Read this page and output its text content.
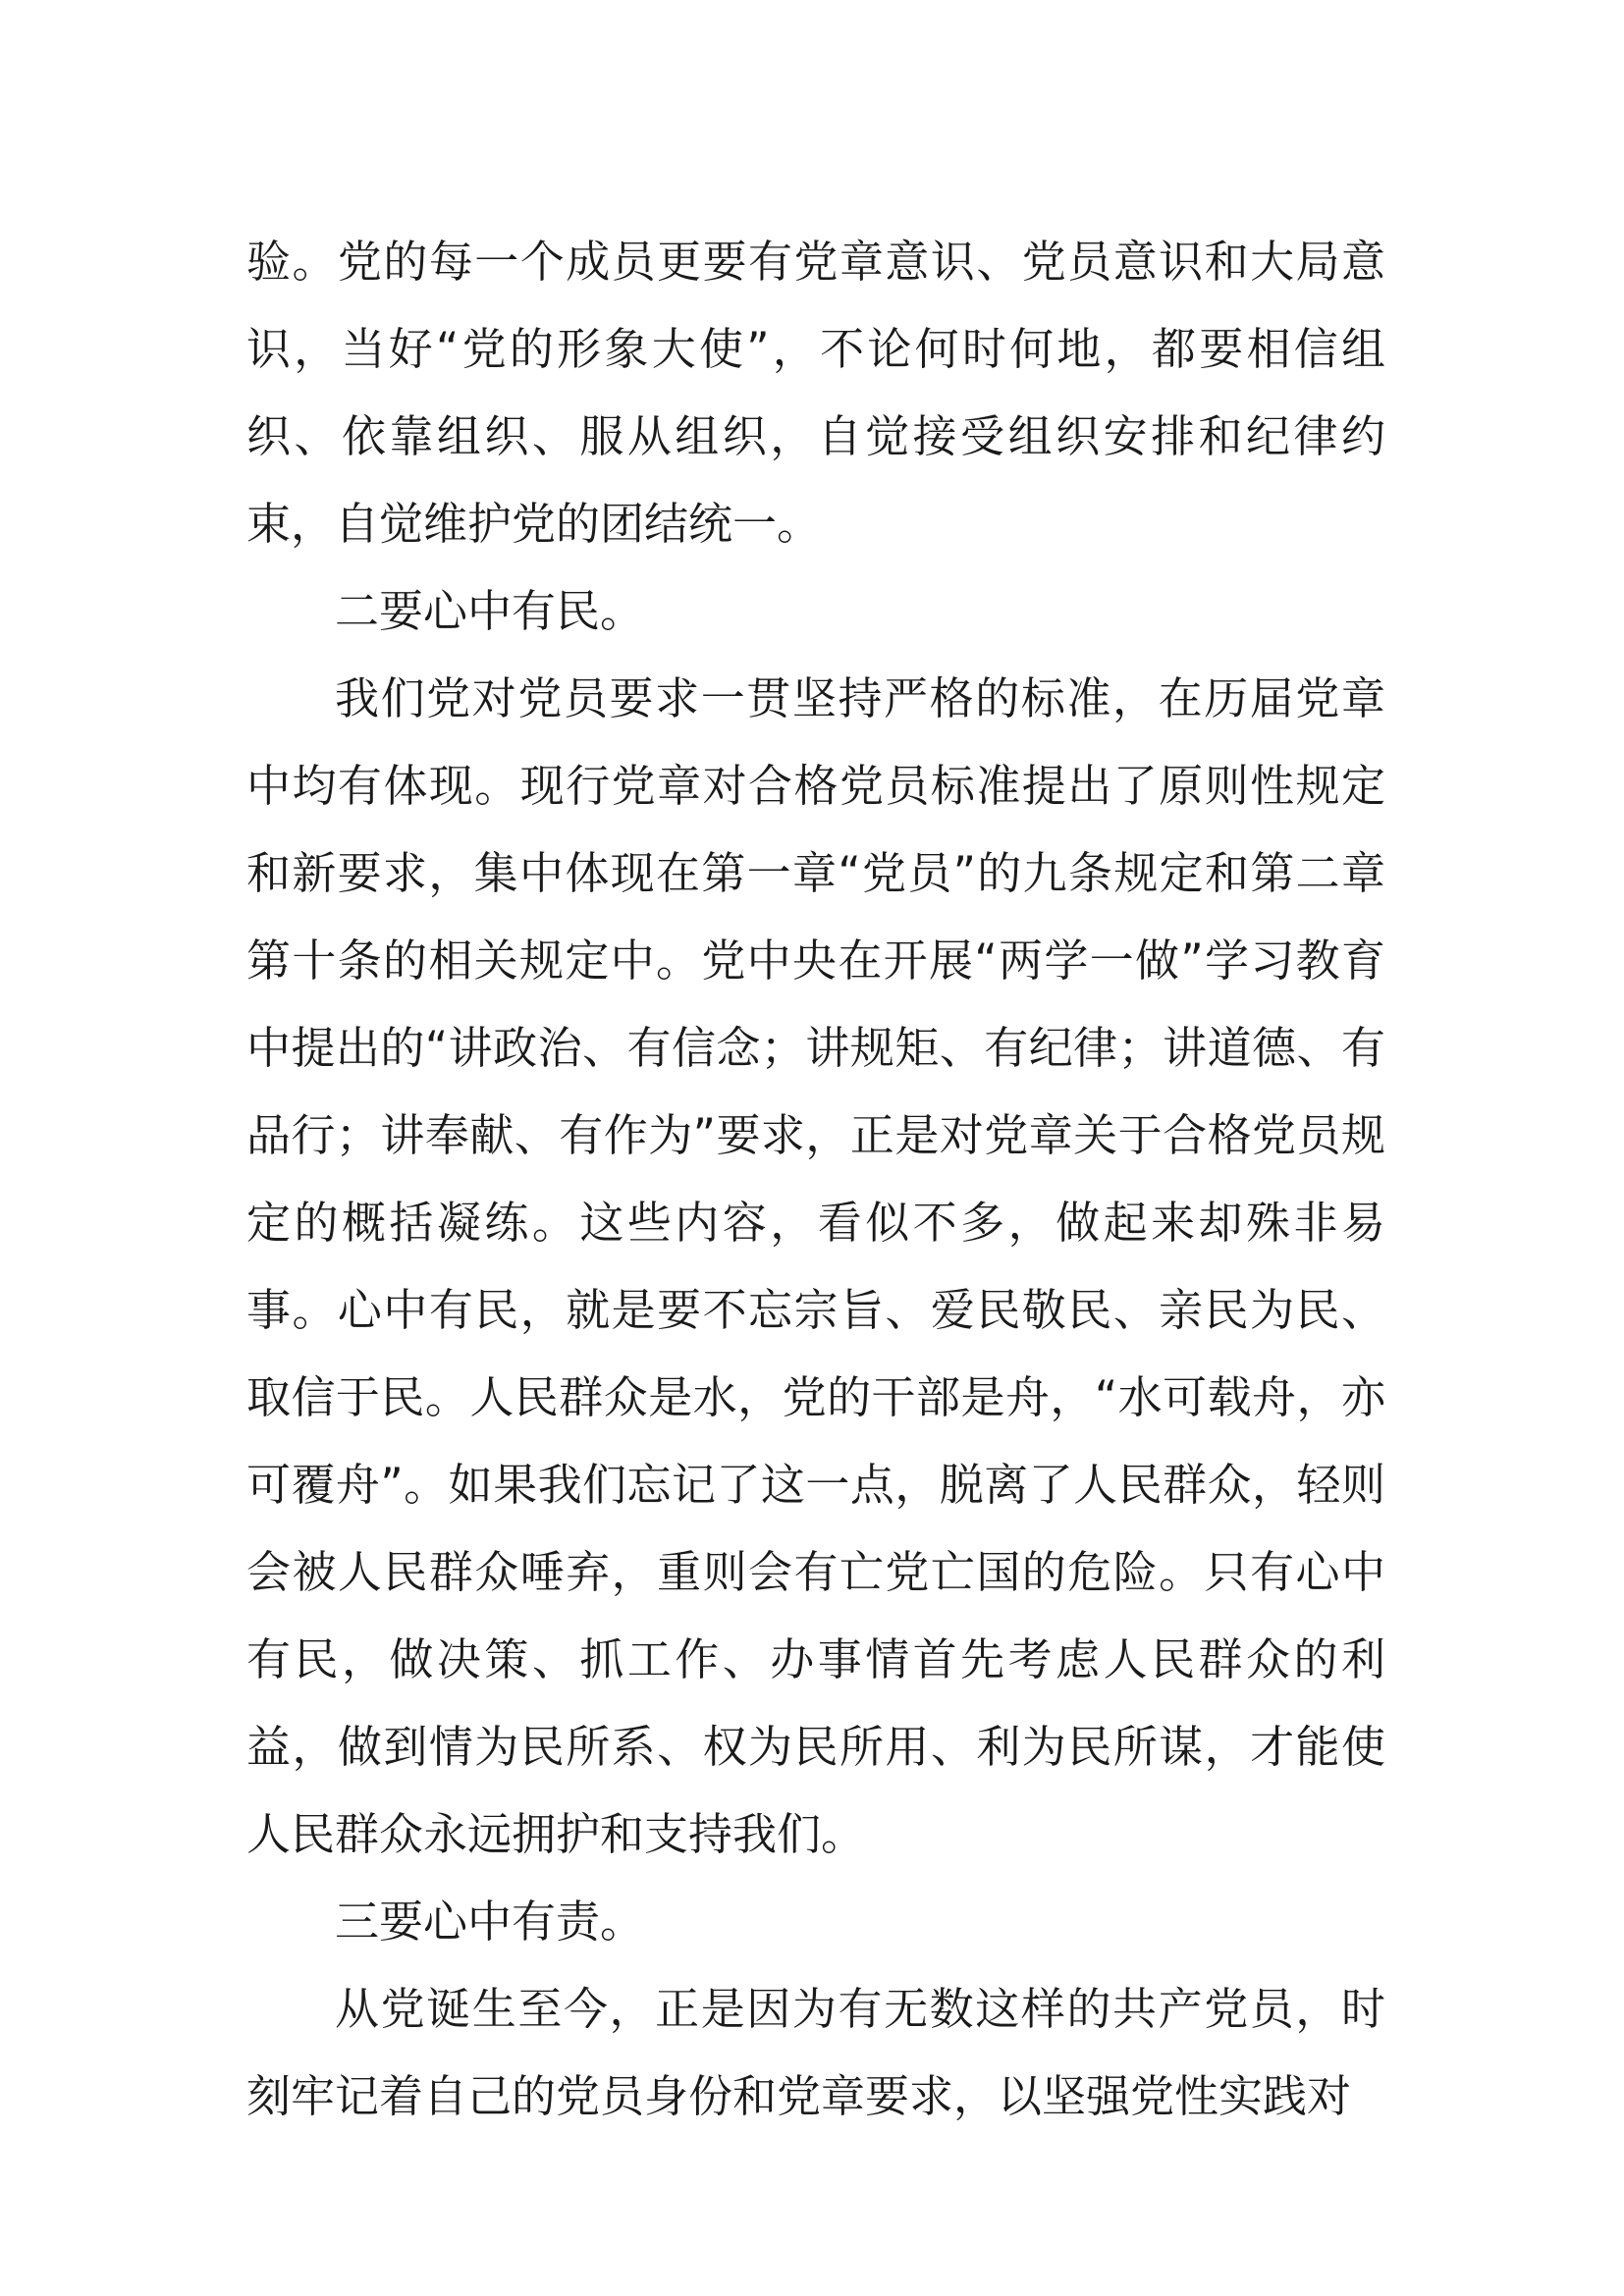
验。党的每一个成员更要有党章意识、党员意识和大局意识，当好“党的形象大使”，不论何时何地，都要相信组织、依靠组织、服从组织，自觉接受组织安排和纪律约束，自觉维护党的团结统一。

二要心中有民。

我们党对党员要求一贯坚持严格的标准，在历届党章中均有体现。现行党章对合格党员标准提出了原则性规定和新要求，集中体现在第一章“党员”的九条规定和第二章第十条的相关规定中。党中央在开展“两学一做”学习教育中提出的“讲政治、有信念；讲规矩、有纪律；讲道德、有品行；讲奉献、有作为”要求，正是对党章关于合格党员规定的概括凝练。这些内容，看似不多，做起来却殊非易事。心中有民，就是要不忘宗旨、爱民敬民、亲民为民、取信于民。人民群众是水，党的干部是舟，“水可载舟，亦可覆舟”。如果我们忘记了这一点，脱离了人民群众，轻则会被人民群众唾弃，重则会有亡党亡国的危险。只有心中有民，做决策、抓工作、办事情首先考虑人民群众的利益，做到情为民所系、权为民所用、利为民所谋，才能使人民群众永远拥护和支持我们。

三要心中有责。

从党诞生至今，正是因为有无数这样的共产党员，时刻牢记着自己的党员身份和党章要求，以坚强党性实践对
